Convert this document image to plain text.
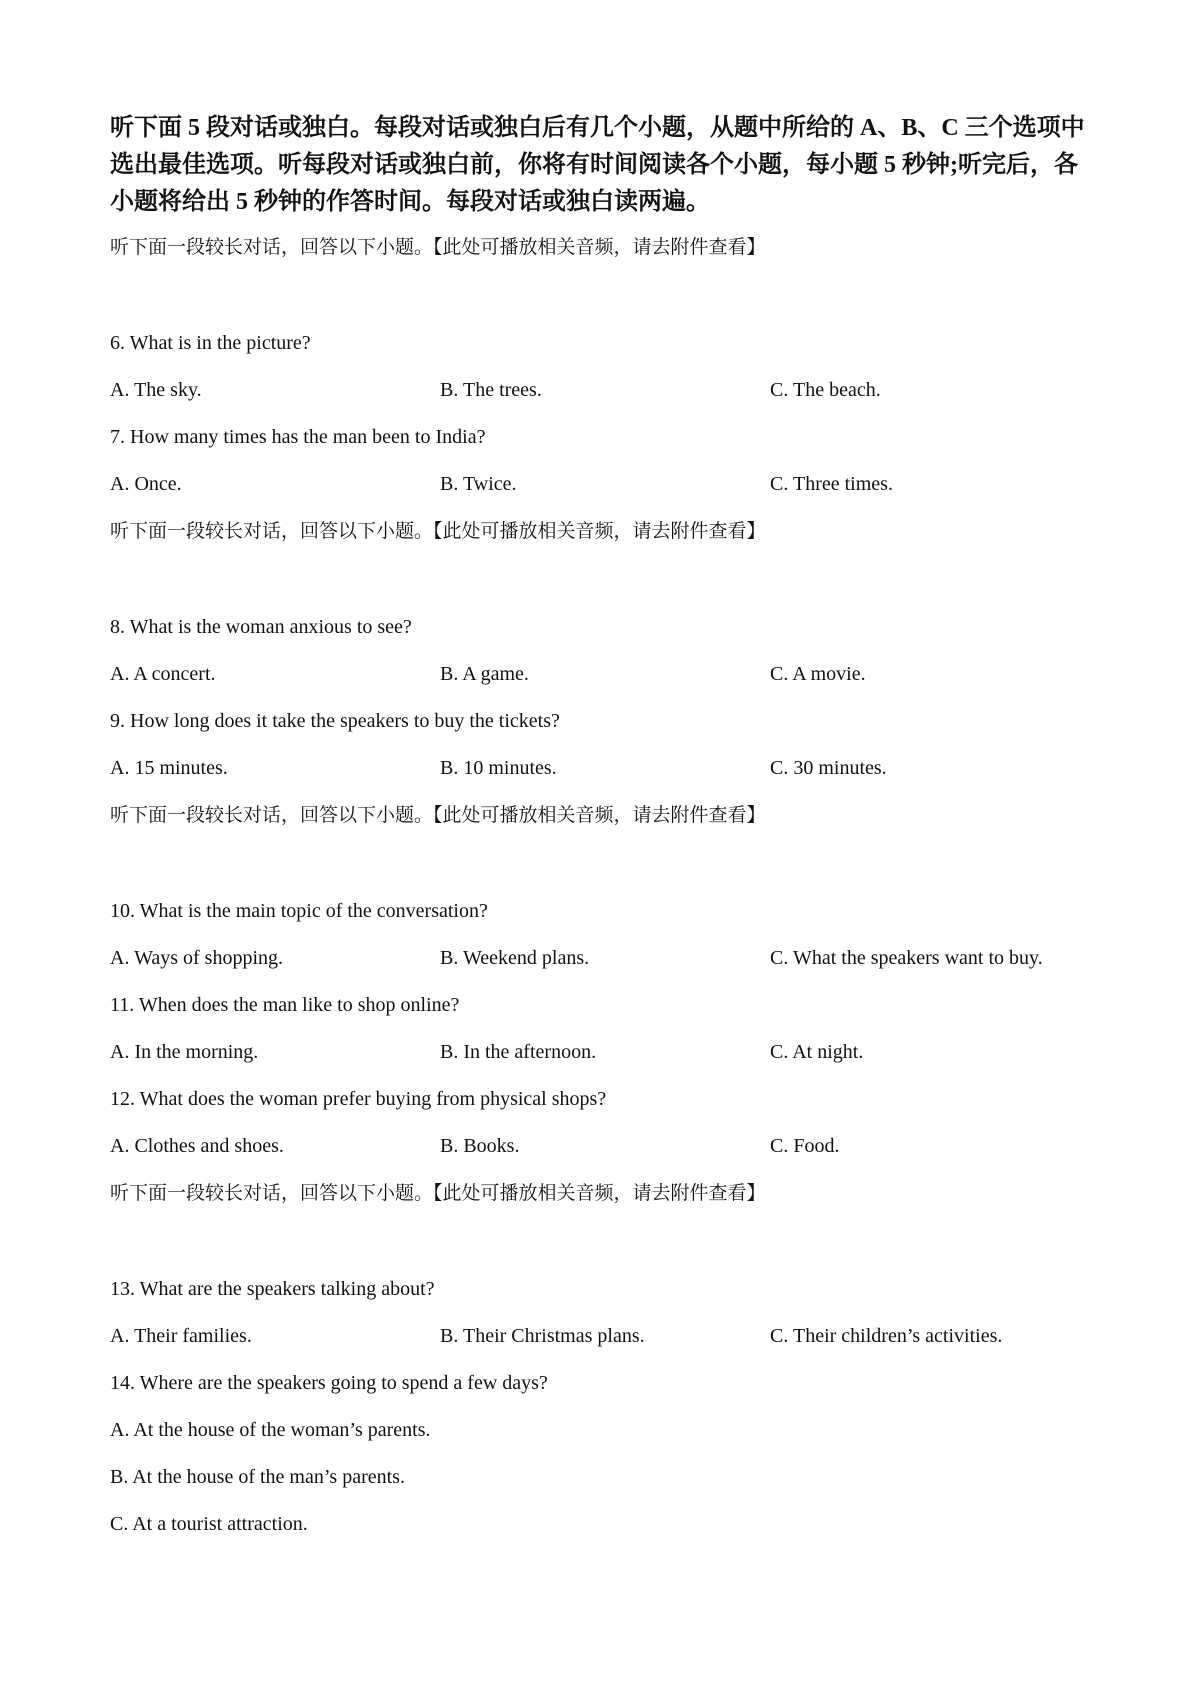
听下面 5 段对话或独白。每段对话或独白后有几个小题，从题中所给的 A、B、C 三个选项中选出最佳选项。听每段对话或独白前，你将有时间阅读各个小题，每小题 5 秒钟;听完后，各小题将给出 5 秒钟的作答时间。每段对话或独白读两遍。

听下面一段较长对话，回答以下小题。【此处可播放相关音频，请去附件查看】
6. What is in the picture?
A. The sky.	B. The trees.	C. The beach.
7. How many times has the man been to India?
A. Once.	B. Twice.	C. Three times.
听下面一段较长对话，回答以下小题。【此处可播放相关音频，请去附件查看】
8. What is the woman anxious to see?
A. A concert.	B. A game.	C. A movie.
9. How long does it take the speakers to buy the tickets?
A. 15 minutes.	B. 10 minutes.	C. 30 minutes.
听下面一段较长对话，回答以下小题。【此处可播放相关音频，请去附件查看】
10. What is the main topic of the conversation?
A. Ways of shopping.	B. Weekend plans.	C. What the speakers want to buy.
11. When does the man like to shop online?
A. In the morning.	B. In the afternoon.	C. At night.
12. What does the woman prefer buying from physical shops?
A. Clothes and shoes.	B. Books.	C. Food.
听下面一段较长对话，回答以下小题。【此处可播放相关音频，请去附件查看】
13. What are the speakers talking about?
A. Their families.	B. Their Christmas plans.	C. Their children’s activities.
14. Where are the speakers going to spend a few days?
A. At the house of the woman’s parents.
B. At the house of the man’s parents.
C. At a tourist attraction.
